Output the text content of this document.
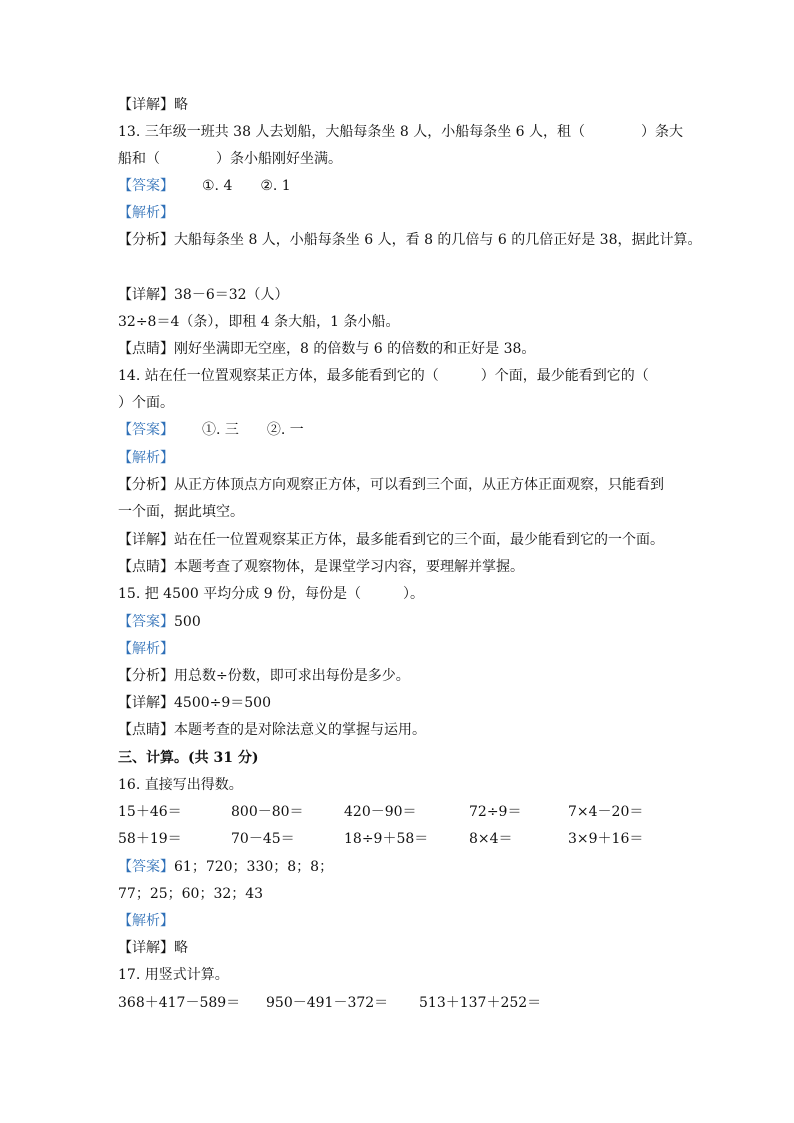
【详解】略
13. 三年级一班共 38 人去划船，大船每条坐 8 人，小船每条坐 6 人，租（　　　　）条大
船和（　　　　）条小船刚好坐满。
【答案】 ①. 4　　②. 1
【解析】
【分析】大船每条坐 8 人，小船每条坐 6 人，看 8 的几倍与 6 的几倍正好是 38，据此计算。
【详解】38－6＝32（人）
32÷8＝4（条），即租 4 条大船，1 条小船。
【点睛】刚好坐满即无空座，8 的倍数与 6 的倍数的和正好是 38。
14. 站在任一位置观察某正方体，最多能看到它的（　　　）个面，最少能看到它的（
）个面。
【答案】 ①. 三　　②. 一
【解析】
【分析】从正方体顶点方向观察正方体，可以看到三个面，从正方体正面观察，只能看到
一个面，据此填空。
【详解】站在任一位置观察某正方体，最多能看到它的三个面，最少能看到它的一个面。
【点睛】本题考查了观察物体，是课堂学习内容，要理解并掌握。
15. 把 4500 平均分成 9 份，每份是（　　　）。
【答案】500
【解析】
【分析】用总数÷份数，即可求出每份是多少。
【详解】4500÷9＝500
【点睛】本题考查的是对除法意义的掌握与运用。
三、计算。(共 31 分)
16. 直接写出得数。
15＋46＝	800－80＝	420－90＝	72÷9＝	7×4－20＝
58＋19＝	70－45＝	18÷9＋58＝	8×4＝	3×9＋16＝
【答案】61；720；330；8；8；
77；25；60；32；43
【解析】
【详解】略
17. 用竖式计算。
368＋417－589＝ 950－491－372＝ 513＋137＋252＝
